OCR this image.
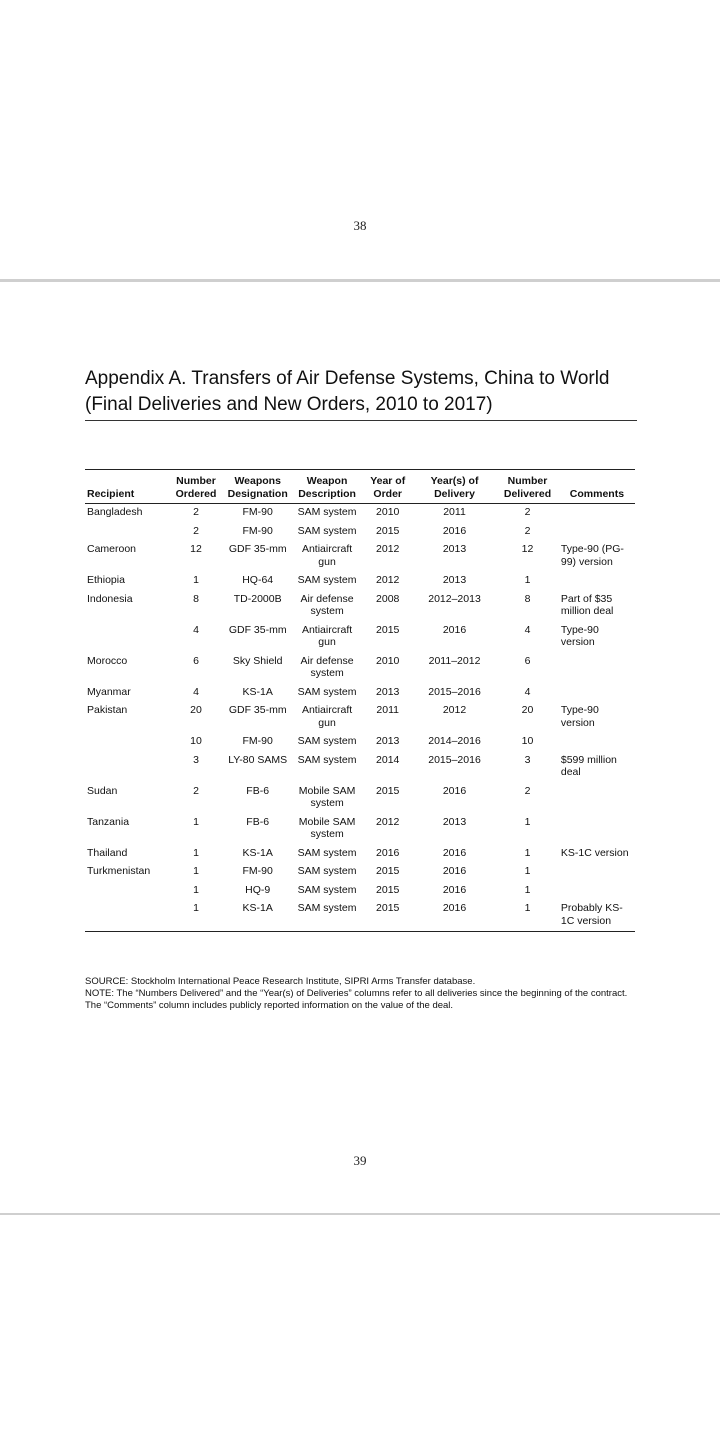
38
Appendix A. Transfers of Air Defense Systems, China to World
(Final Deliveries and New Orders, 2010 to 2017)
Recipient	Number Ordered	Weapons Designation	Weapon Description	Year of Order	Year(s) of Delivery	Number Delivered	Comments
Bangladesh	2	FM-90	SAM system	2010	2011	2	
	2	FM-90	SAM system	2015	2016	2	
Cameroon	12	GDF 35-mm	Antiaircraft gun	2012	2013	12	Type-90 (PG-99) version
Ethiopia	1	HQ-64	SAM system	2012	2013	1	
Indonesia	8	TD-2000B	Air defense system	2008	2012–2013	8	Part of $35 million deal
	4	GDF 35-mm	Antiaircraft gun	2015	2016	4	Type-90 version
Morocco	6	Sky Shield	Air defense system	2010	2011–2012	6	
Myanmar	4	KS-1A	SAM system	2013	2015–2016	4	
Pakistan	20	GDF 35-mm	Antiaircraft gun	2011	2012	20	Type-90 version
	10	FM-90	SAM system	2013	2014–2016	10	
	3	LY-80 SAMS	SAM system	2014	2015–2016	3	$599 million deal
Sudan	2	FB-6	Mobile SAM system	2015	2016	2	
Tanzania	1	FB-6	Mobile SAM system	2012	2013	1	
Thailand	1	KS-1A	SAM system	2016	2016	1	KS-1C version
Turkmenistan	1	FM-90	SAM system	2015	2016	1	
	1	HQ-9	SAM system	2015	2016	1	
	1	KS-1A	SAM system	2015	2016	1	Probably KS-1C version

SOURCE: Stockholm International Peace Research Institute, SIPRI Arms Transfer database.

NOTE: The “Numbers Delivered” and the “Year(s) of Deliveries” columns refer to all deliveries since the beginning of the contract. The “Comments” column includes publicly reported information on the value of the deal.

39
